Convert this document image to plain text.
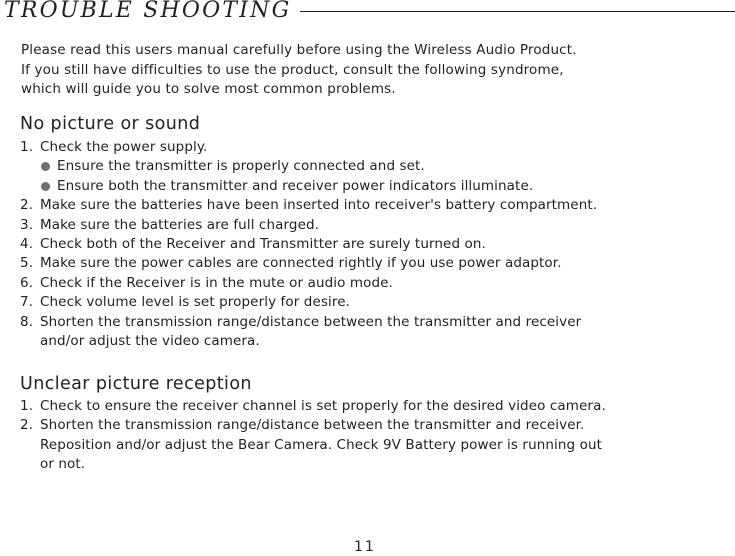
TROUBLE SHOOTING

Please read this users manual carefully before using the Wireless Audio Product.
If you still have difficulties to use the product, consult the following syndrome,
which will guide you to solve most common problems.

No picture or sound
1. Check the power supply.
Ensure the transmitter is properly connected and set.
Ensure both the transmitter and receiver power indicators illuminate.
2. Make sure the batteries have been inserted into receiver's battery compartment.
3. Make sure the batteries are full charged.
4. Check both of the Receiver and Transmitter are surely turned on.
5. Make sure the power cables are connected rightly if you use power adaptor.
6. Check if the Receiver is in the mute or audio mode.
7. Check volume level is set properly for desire.
8. Shorten the transmission range/distance between the transmitter and receiver
and/or adjust the video camera.
Unclear picture reception
1. Check to ensure the receiver channel is set properly for the desired video camera.
2. Shorten the transmission range/distance between the transmitter and receiver.
Reposition and/or adjust the Bear Camera. Check 9V Battery power is running out
or not.
11
